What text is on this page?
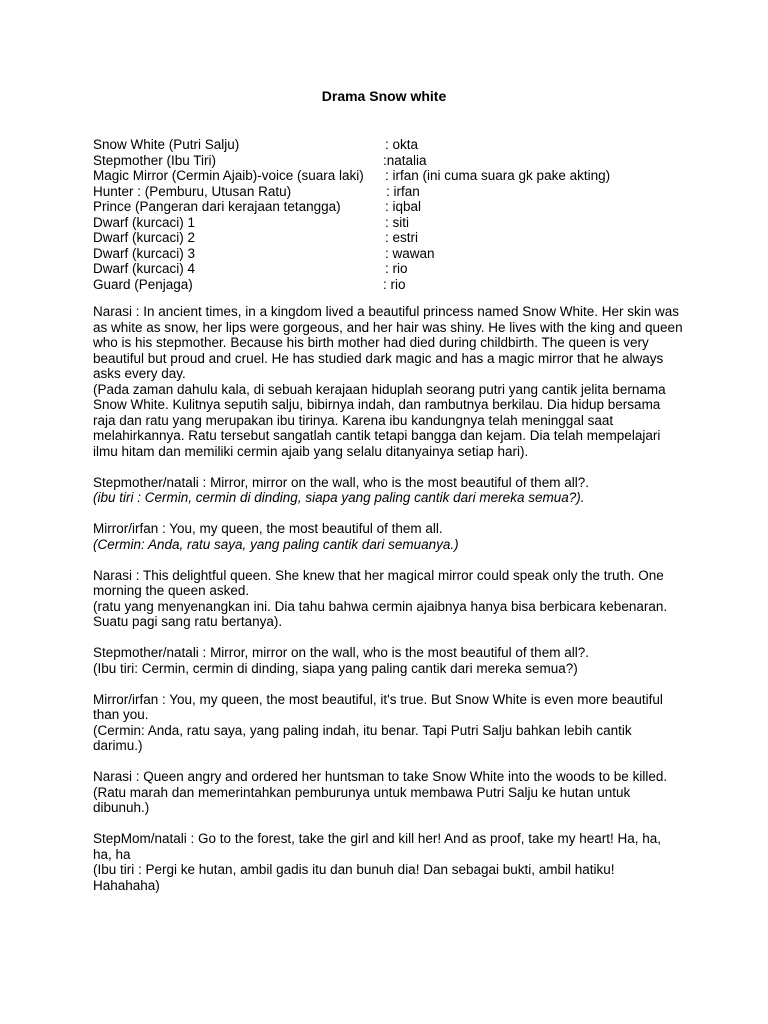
Drama Snow white
Snow White (Putri Salju)	: okta
Stepmother (Ibu Tiri)	:natalia
Magic Mirror (Cermin Ajaib)-voice (suara laki) : irfan (ini cuma suara gk pake akting)
Hunter : (Pemburu, Utusan Ratu)	: irfan
Prince (Pangeran dari kerajaan tetangga)	: iqbal
Dwarf (kurcaci) 1	: siti
Dwarf (kurcaci) 2	: estri
Dwarf (kurcaci) 3	: wawan
Dwarf (kurcaci) 4	: rio
Guard (Penjaga)	: rio

Narasi : In ancient times, in a kingdom lived a beautiful princess named Snow White. Her skin was as white as snow, her lips were gorgeous, and her hair was shiny. He lives with the king and queen who is his stepmother. Because his birth mother had died during childbirth. The queen is very beautiful but proud and cruel. He has studied dark magic and has a magic mirror that he always asks every day.

(Pada zaman dahulu kala, di sebuah kerajaan hiduplah seorang putri yang cantik jelita bernama Snow White. Kulitnya seputih salju, bibirnya indah, dan rambutnya berkilau. Dia hidup bersama raja dan ratu yang merupakan ibu tirinya. Karena ibu kandungnya telah meninggal saat melahirkannya. Ratu tersebut sangatlah cantik tetapi bangga dan kejam. Dia telah mempelajari ilmu hitam dan memiliki cermin ajaib yang selalu ditanyainya setiap hari).

Stepmother/natali : Mirror, mirror on the wall, who is the most beautiful of them all?.

(ibu tiri : Cermin, cermin di dinding, siapa yang paling cantik dari mereka semua?).

Mirror/irfan : You, my queen, the most beautiful of them all.

(Cermin: Anda, ratu saya, yang paling cantik dari semuanya.)

Narasi : This delightful queen. She knew that her magical mirror could speak only the truth. One morning the queen asked.

(ratu yang menyenangkan ini. Dia tahu bahwa cermin ajaibnya hanya bisa berbicara kebenaran. Suatu pagi sang ratu bertanya).

Stepmother/natali : Mirror, mirror on the wall, who is the most beautiful of them all?.

(Ibu tiri: Cermin, cermin di dinding, siapa yang paling cantik dari mereka semua?)

Mirror/irfan : You, my queen, the most beautiful, it's true. But Snow White is even more beautiful than you.

(Cermin: Anda, ratu saya, yang paling indah, itu benar. Tapi Putri Salju bahkan lebih cantik darimu.)

Narasi : Queen angry and ordered her huntsman to take Snow White into the woods to be killed.

(Ratu marah dan memerintahkan pemburunya untuk membawa Putri Salju ke hutan untuk dibunuh.)

StepMom/natali : Go to the forest, take the girl and kill her! And as proof, take my heart! Ha, ha, ha, ha

(Ibu tiri : Pergi ke hutan, ambil gadis itu dan bunuh dia! Dan sebagai bukti, ambil hatiku! Hahahaha)
